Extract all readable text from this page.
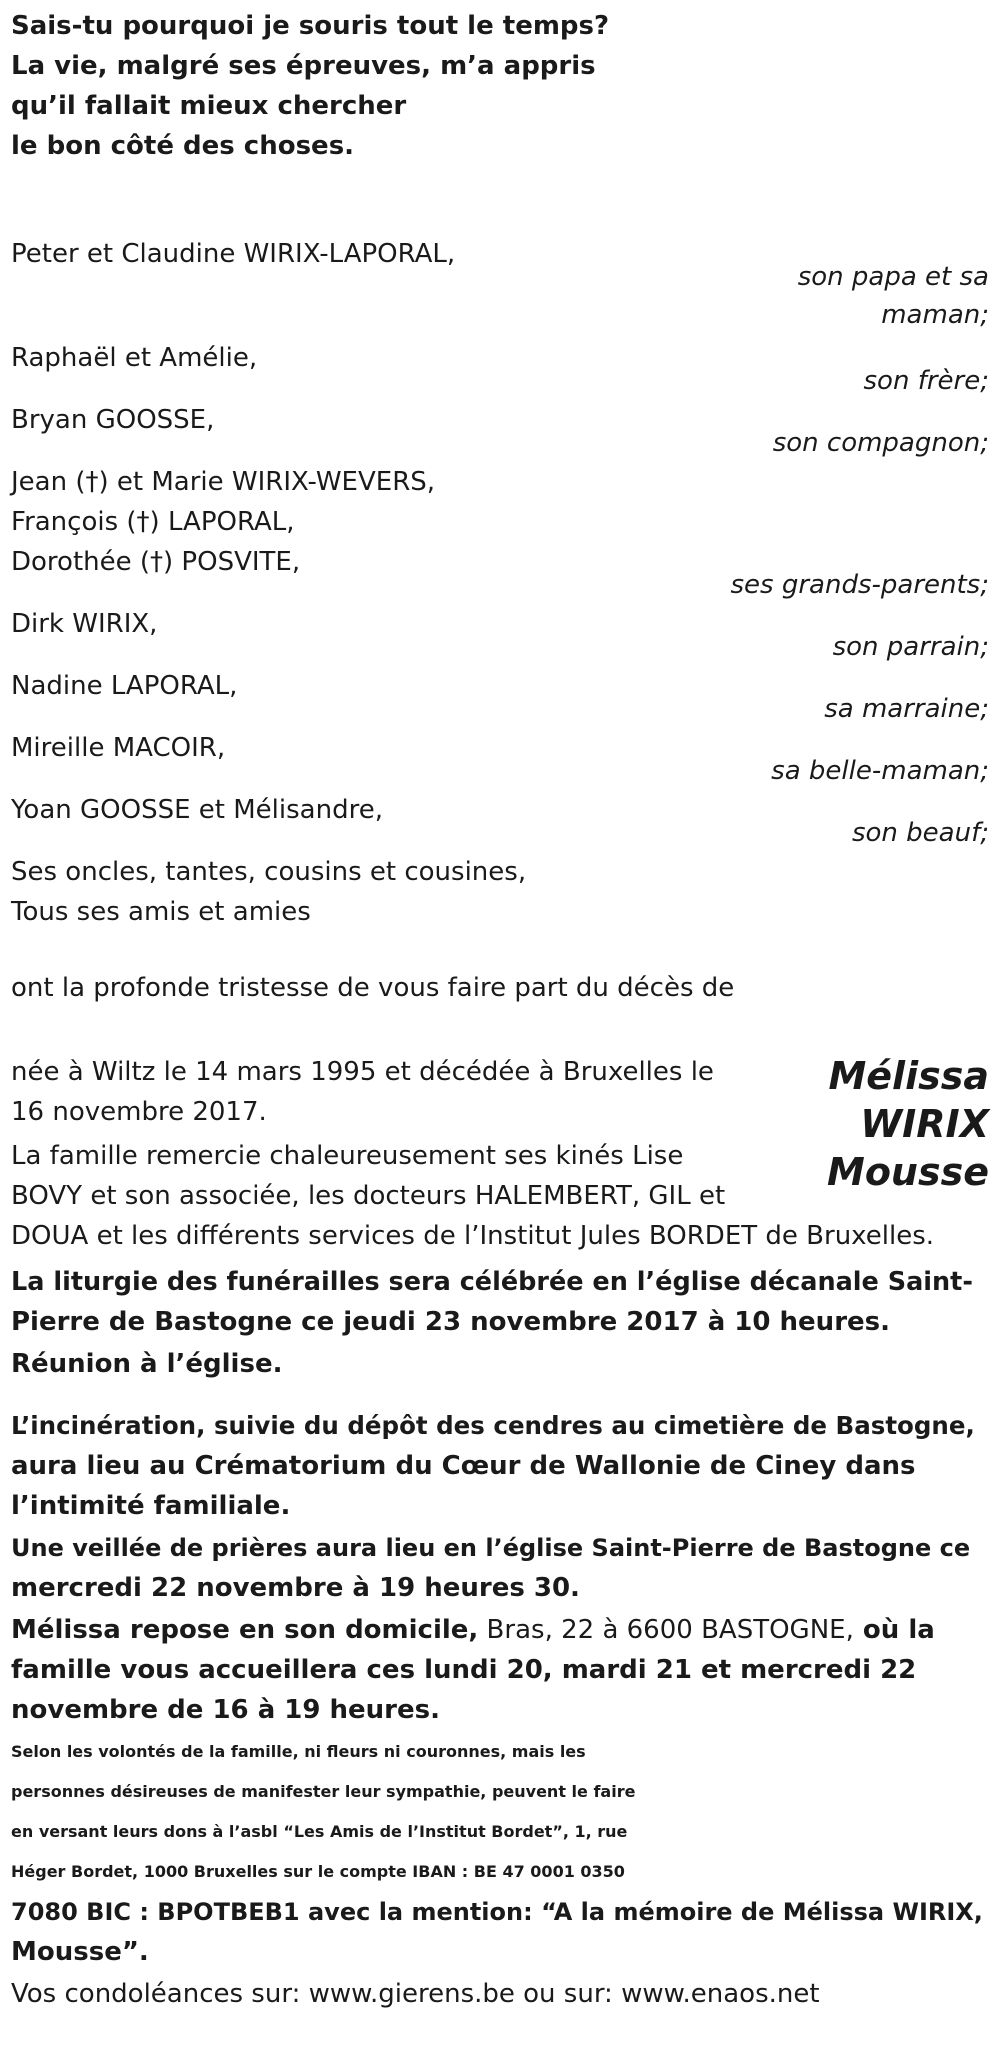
Sais-tu pourquoi je souris tout le temps?
La vie, malgré ses épreuves, m’a appris
qu’il fallait mieux chercher
le bon côté des choses.
Peter et Claudine WIRIX-LAPORAL,
son papa et sa
maman;
Raphaël et Amélie,
son frère;
Bryan GOOSSE,
son compagnon;
Jean (†) et Marie WIRIX-WEVERS,
François (†) LAPORAL,
Dorothée (†) POSVITE,
ses grands-parents;
Dirk WIRIX,
son parrain;
Nadine LAPORAL,
sa marraine;
Mireille MACOIR,
sa belle-maman;
Yoan GOOSSE et Mélisandre,
son beauf;
Ses oncles, tantes, cousins et cousines,
Tous ses amis et amies
ont la profonde tristesse de vous faire part du décès de
Mélissa
WIRIX
Mousse
née à Wiltz le 14 mars 1995 et décédée à Bruxelles le
16 novembre 2017.
La famille remercie chaleureusement ses kinés Lise
BOVY et son associée, les docteurs HALEMBERT, GIL et
DOUA et les différents services de l’Institut Jules BORDET de Bruxelles.
La liturgie des funérailles sera célébrée en l’église décanale Saint-
Pierre de Bastogne ce jeudi 23 novembre 2017 à 10 heures.
Réunion à l’église.
L’incinération, suivie du dépôt des cendres au cimetière de Bastogne,
aura lieu au Crématorium du Cœur de Wallonie de Ciney dans
l’intimité familiale.
Une veillée de prières aura lieu en l’église Saint-Pierre de Bastogne ce
mercredi 22 novembre à 19 heures 30.
Mélissa repose en son domicile, Bras, 22 à 6600 BASTOGNE, où la
famille vous accueillera ces lundi 20, mardi 21 et mercredi 22
novembre de 16 à 19 heures.
Selon les volontés de la famille, ni fleurs ni couronnes, mais les
personnes désireuses de manifester leur sympathie, peuvent le faire
en versant leurs dons à l’asbl “Les Amis de l’Institut Bordet”, 1, rue
Héger Bordet, 1000 Bruxelles sur le compte IBAN : BE 47 0001 0350
7080 BIC : BPOTBEB1 avec la mention: “A la mémoire de Mélissa WIRIX,
Mousse”.
Vos condoléances sur: www.gierens.be ou sur: www.enaos.net
